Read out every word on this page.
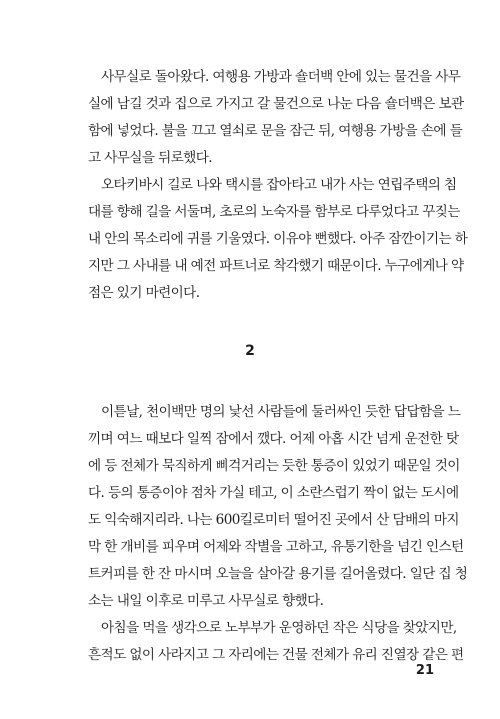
사무실로 돌아왔다. 여행용 가방과 숄더백 안에 있는 물건을 사무
실에 남길 것과 집으로 가지고 갈 물건으로 나눈 다음 숄더백은 보관
함에 넣었다. 불을 끄고 열쇠로 문을 잠근 뒤, 여행용 가방을 손에 들
고 사무실을 뒤로했다.
오타키바시 길로 나와 택시를 잡아타고 내가 사는 연립주택의 침
대를 향해 길을 서둘며, 초로의 노숙자를 함부로 다루었다고 꾸짖는
내 안의 목소리에 귀를 기울였다. 이유야 뻔했다. 아주 잠깐이기는 하
지만 그 사내를 내 예전 파트너로 착각했기 때문이다. 누구에게나 약
점은 있기 마련이다.
2
이튿날, 천이백만 명의 낯선 사람들에 둘러싸인 듯한 답답함을 느
끼며 여느 때보다 일찍 잠에서 깼다. 어제 아홉 시간 넘게 운전한 탓
에 등 전체가 묵직하게 삐걱거리는 듯한 통증이 있었기 때문일 것이
다. 등의 통증이야 점차 가실 테고, 이 소란스럽기 짝이 없는 도시에
도 익숙해지리라. 나는 600킬로미터 떨어진 곳에서 산 담배의 마지
막 한 개비를 피우며 어제와 작별을 고하고, 유통기한을 넘긴 인스턴
트커피를 한 잔 마시며 오늘을 살아갈 용기를 길어올렸다. 일단 집 청
소는 내일 이후로 미루고 사무실로 향했다.
아침을 먹을 생각으로 노부부가 운영하던 작은 식당을 찾았지만,
흔적도 없이 사라지고 그 자리에는 건물 전체가 유리 진열장 같은 편
21
